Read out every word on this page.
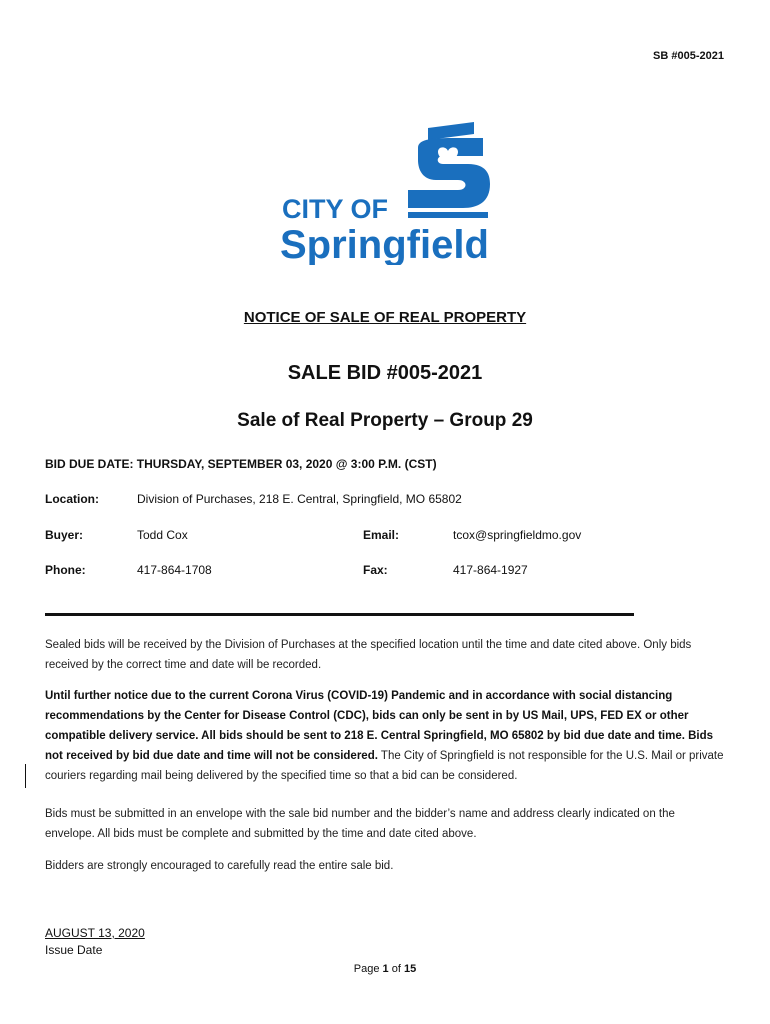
SB #005-2021
CITY OF
Springfield
NOTICE OF SALE OF REAL PROPERTY
SALE BID #005-2021
Sale of Real Property – Group 29
BID DUE DATE: THURSDAY, SEPTEMBER 03, 2020 @ 3:00 P.M. (CST)
Location:	Division of Purchases, 218 E. Central, Springfield, MO 65802
Buyer:	Todd Cox	Email:	tcox@springfieldmo.gov
Phone:	417-864-1708	Fax:	417-864-1927
Sealed bids will be received by the Division of Purchases at the specified location until the time and date cited above. Only bids received by the correct time and date will be recorded.
Until further notice due to the current Corona Virus (COVID-19) Pandemic and in accordance with social distancing recommendations by the Center for Disease Control (CDC), bids can only be sent in by US Mail, UPS, FED EX or other compatible delivery service. All bids should be sent to 218 E. Central Springfield, MO 65802 by bid due date and time. Bids not received by bid due date and time will not be considered. The City of Springfield is not responsible for the U.S. Mail or private couriers regarding mail being delivered by the specified time so that a bid can be considered.
Bids must be submitted in an envelope with the sale bid number and the bidder’s name and address clearly indicated on the envelope. All bids must be complete and submitted by the time and date cited above.
Bidders are strongly encouraged to carefully read the entire sale bid.
AUGUST 13, 2020
Issue Date
Page 1 of 15
